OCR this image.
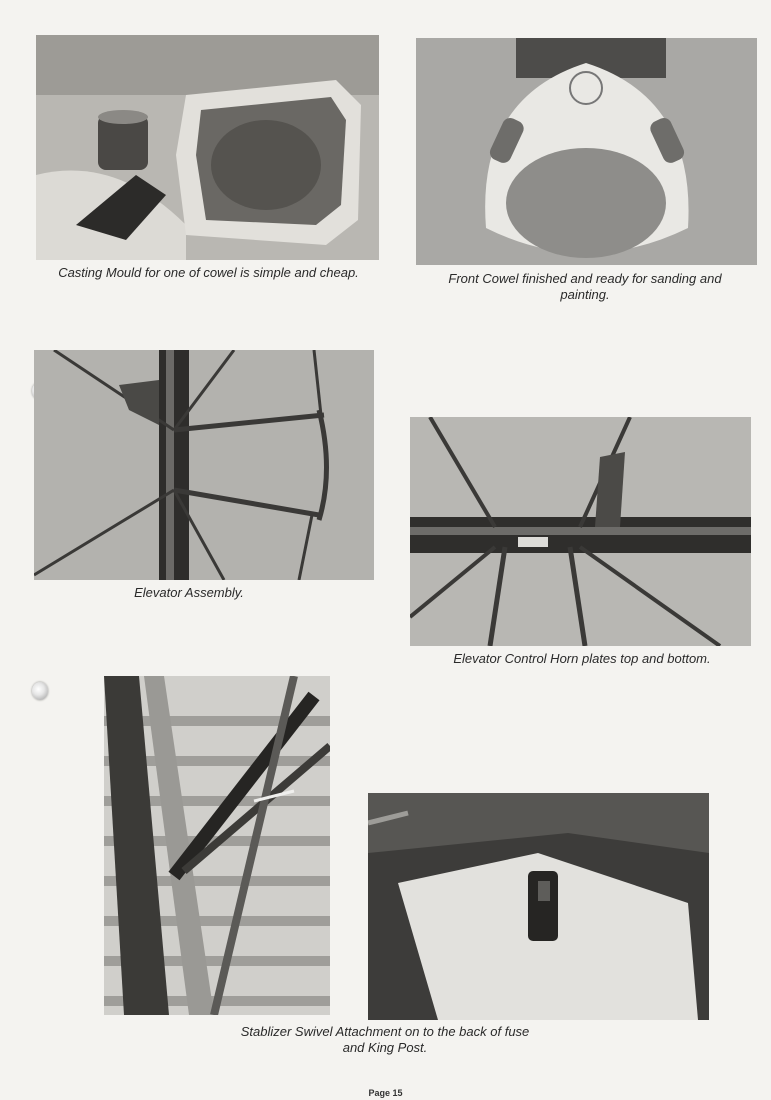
Casting Mould for one of cowel is simple and cheap.	Front Cowel finished and ready for sanding and painting.
Elevator Assembly.
Elevator Control Horn plates top and bottom.
Stablizer Swivel Attachment on to the back of fuse
and King Post.
Page 15
